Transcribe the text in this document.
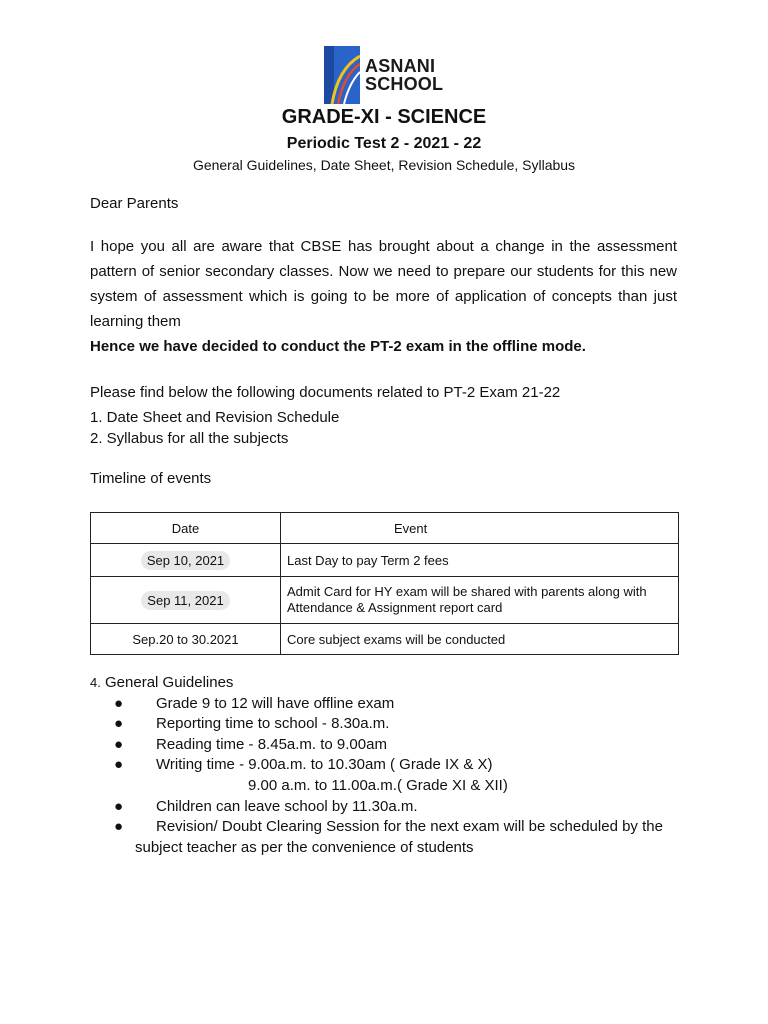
ASNANI
SCHOOL
GRADE-XI - SCIENCE
Periodic Test 2 - 2021 - 22
General Guidelines, Date Sheet, Revision Schedule, Syllabus
Dear Parents
I hope you all are aware that CBSE has brought about a change in the assessment pattern of senior secondary classes. Now we need to prepare our students for this new system of assessment which is going to be more of application of concepts than just learning them
Hence we have decided to conduct the PT-2 exam in the offline mode.
Please find below the following documents related to PT-2 Exam 21-22
1. Date Sheet and Revision Schedule
2. Syllabus for all the subjects
Timeline of events
Date	Event
Sep 10, 2021	Last Day to pay Term 2 fees
Sep 11, 2021	Admit Card for HY exam will be shared with parents along with Attendance & Assignment report card
Sep.20 to 30.2021	Core subject exams will be conducted
4. General Guidelines
● Grade 9 to 12 will have offline exam
● Reporting time to school - 8.30a.m.
● Reading time - 8.45a.m. to 9.00am
● Writing time - 9.00a.m. to 10.30am ( Grade IX & X)
9.00 a.m. to 11.00a.m.( Grade XI & XII)
● Children can leave school by 11.30a.m.
● Revision/ Doubt Clearing Session for the next exam will be scheduled by the
subject teacher as per the convenience of students
